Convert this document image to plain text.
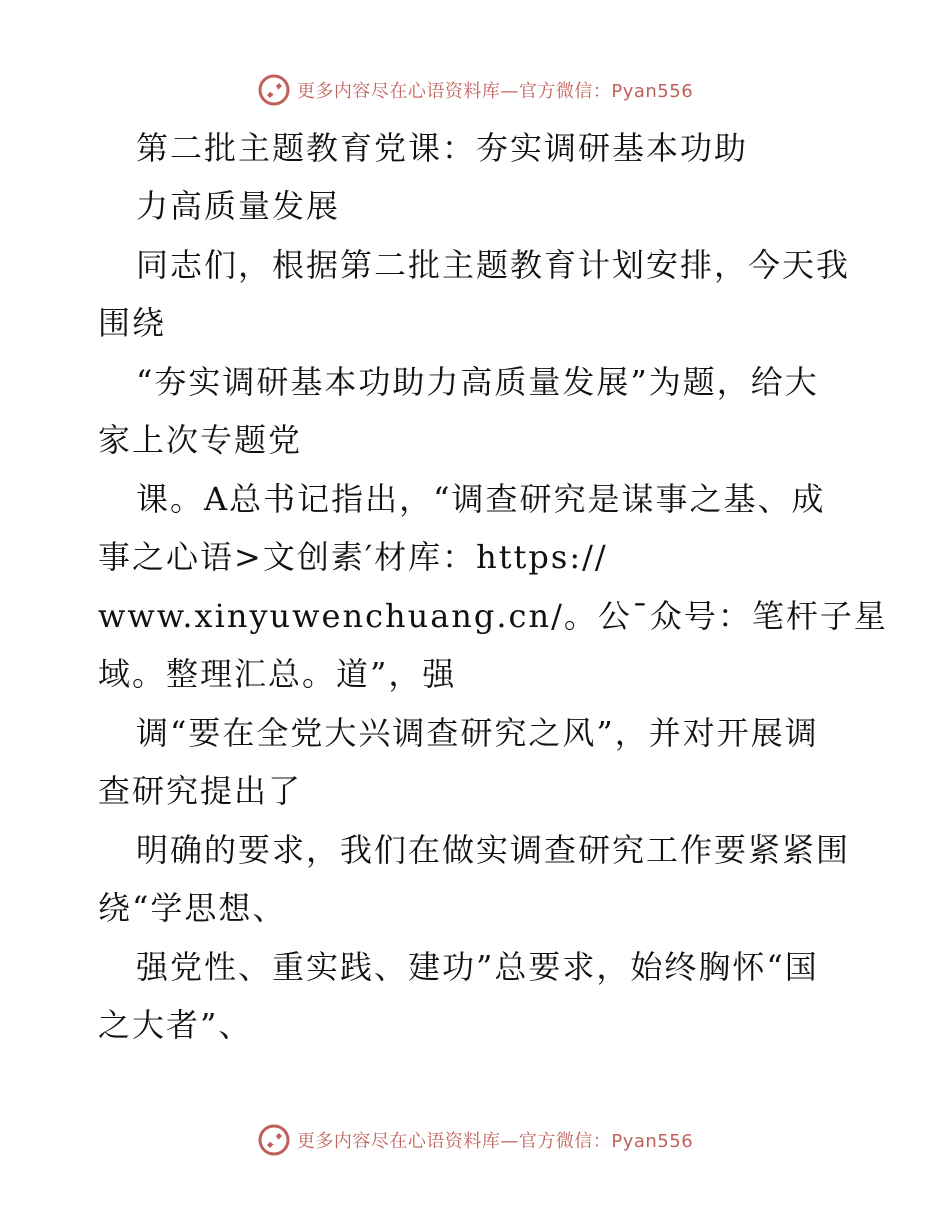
更多内容尽在心语资料库—官方微信：Pyan556
第二批主题教育党课：夯实调研基本功助
力高质量发展
同志们，根据第二批主题教育计划安排，今天我
围绕
“夯实调研基本功助力高质量发展”为题，给大
家上次专题党
课。A总书记指出，“调查研究是谋事之基、成
事之心语>文创素′材库：https://
www.xinyuwenchuang.cn/。公¯众号：笔杆子星
域。整理汇总。道”，强
调“要在全党大兴调查研究之风”，并对开展调
查研究提出了
明确的要求，我们在做实调查研究工作要紧紧围
绕“学思想、
强党性、重实践、建功”总要求，始终胸怀“国
之大者”、
更多内容尽在心语资料库—官方微信：Pyan556
